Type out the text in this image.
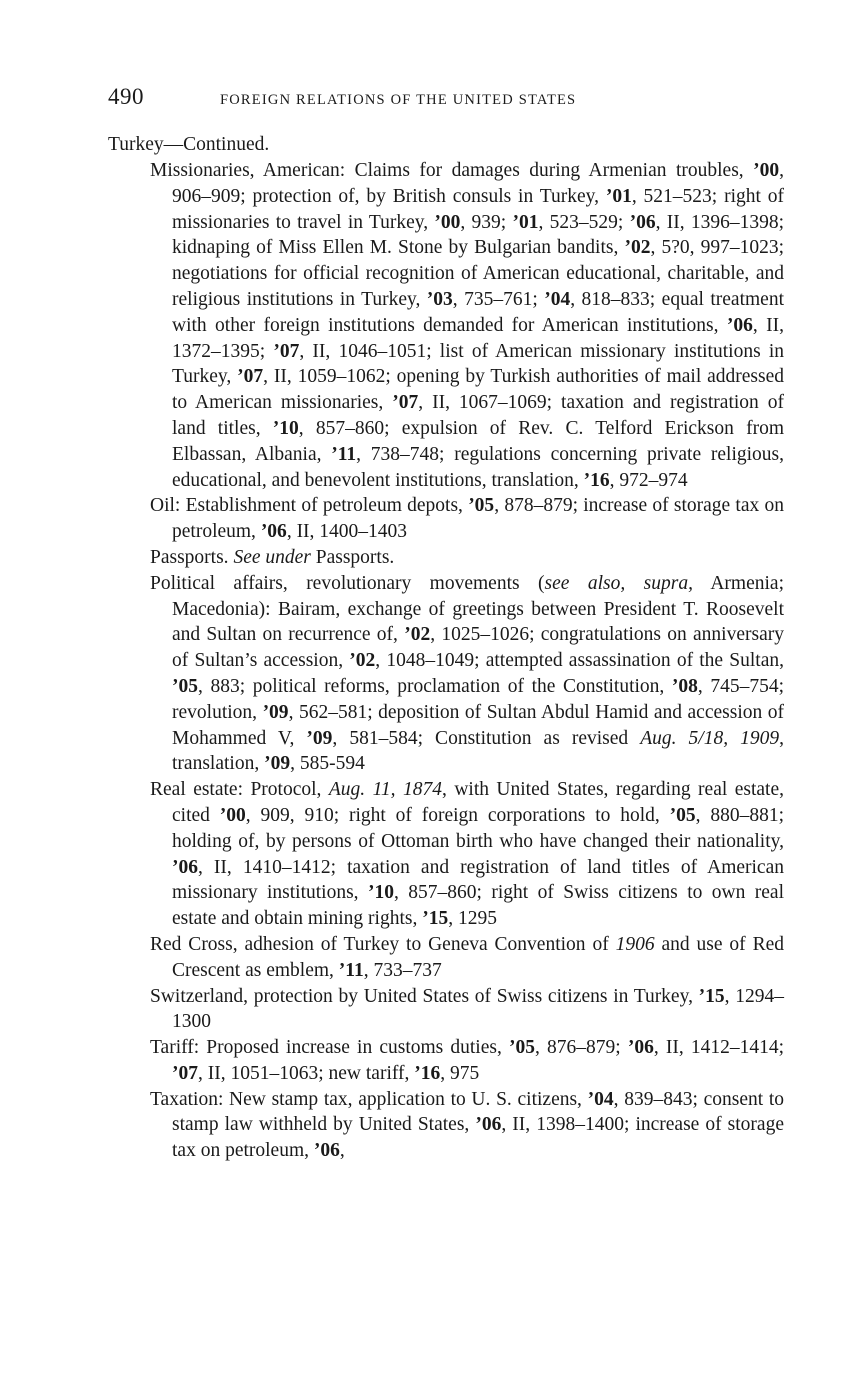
490	FOREIGN RELATIONS OF THE UNITED STATES

Turkey—Continued.

Missionaries, American: Claims for damages during Armenian troubles, ’00, 906–909; protection of, by British consuls in Turkey, ’01, 521–523; right of missionaries to travel in Turkey, ’00, 939; ’01, 523–529; ’06, II, 1396–1398; kidnaping of Miss Ellen M. Stone by Bulgarian bandits, ’02, 5?0, 997–1023; negotiations for official recognition of American educational, charitable, and religious institutions in Turkey, ’03, 735–761; ’04, 818–833; equal treatment with other foreign institutions demanded for American institutions, ’06, II, 1372–1395; ’07, II, 1046–1051; list of American missionary institutions in Turkey, ’07, II, 1059–1062; opening by Turkish authorities of mail addressed to American missionaries, ’07, II, 1067–1069; taxation and registration of land titles, ’10, 857–860; expulsion of Rev. C. Telford Erickson from Elbassan, Albania, ’11, 738–748; regulations concerning private religious, educational, and benevolent institutions, translation, ’16, 972–974

Oil: Establishment of petroleum depots, ’05, 878–879; increase of storage tax on petroleum, ’06, II, 1400–1403

Passports. See under Passports.

Political affairs, revolutionary movements (see also, supra, Armenia; Macedonia): Bairam, exchange of greetings between President T. Roosevelt and Sultan on recurrence of, ’02, 1025–1026; congratulations on anniversary of Sultan’s accession, ’02, 1048–1049; attempted assassination of the Sultan, ’05, 883; political reforms, proclamation of the Constitution, ’08, 745–754; revolution, ’09, 562–581; deposition of Sultan Abdul Hamid and accession of Mohammed V, ’09, 581–584; Constitution as revised Aug. 5/18, 1909, translation, ’09, 585-594

Real estate: Protocol, Aug. 11, 1874, with United States, regarding real estate, cited ’00, 909, 910; right of foreign corporations to hold, ’05, 880–881; holding of, by persons of Ottoman birth who have changed their nationality, ’06, II, 1410–1412; taxation and registration of land titles of American missionary institutions, ’10, 857–860; right of Swiss citizens to own real estate and obtain mining rights, ’15, 1295

Red Cross, adhesion of Turkey to Geneva Convention of 1906 and use of Red Crescent as emblem, ’11, 733–737

Switzerland, protection by United States of Swiss citizens in Turkey, ’15, 1294–1300

Tariff: Proposed increase in customs duties, ’05, 876–879; ’06, II, 1412–1414; ’07, II, 1051–1063; new tariff, ’16, 975

Taxation: New stamp tax, application to U. S. citizens, ’04, 839–843; consent to stamp law withheld by United States, ’06, II, 1398–1400; increase of storage tax on petroleum, ’06,
